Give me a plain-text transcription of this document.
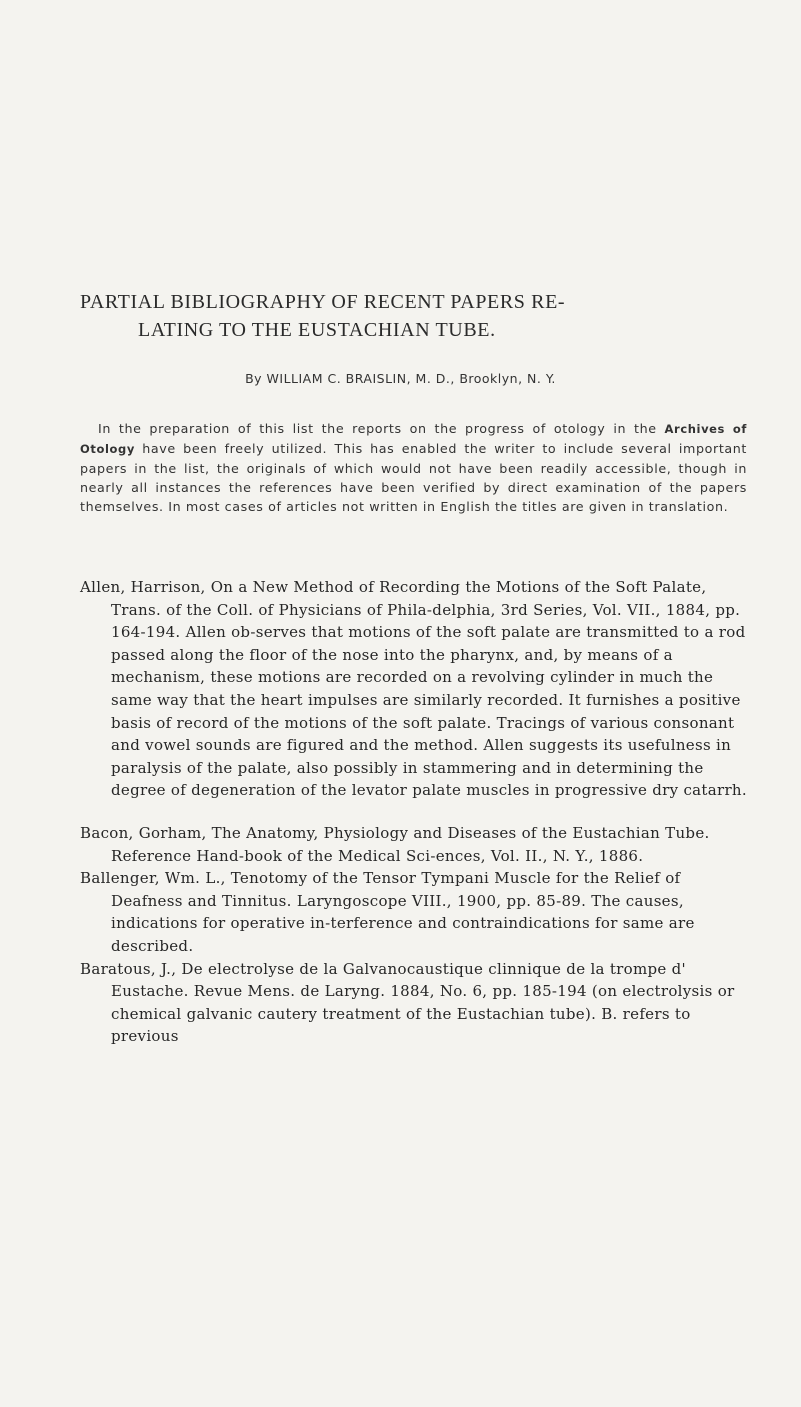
PARTIAL BIBLIOGRAPHY OF RECENT PAPERS RE-
LATING TO THE EUSTACHIAN TUBE.
By WILLIAM C. BRAISLIN, M. D., Brooklyn, N. Y.

In the preparation of this list the reports on the progress of otology in the Archives of Otology have been freely utilized. This has enabled the writer to include several important papers in the list, the originals of which would not have been readily accessible, though in nearly all instances the references have been verified by direct examination of the papers themselves. In most cases of articles not written in English the titles are given in translation.

Allen, Harrison, On a New Method of Recording the Motions of the Soft Palate, Trans. of the Coll. of Physicians of Phila-delphia, 3rd Series, Vol. VII., 1884, pp. 164-194. Allen ob-serves that motions of the soft palate are transmitted to a rod passed along the floor of the nose into the pharynx, and, by means of a mechanism, these motions are recorded on a revolving cylinder in much the same way that the heart impulses are similarly recorded. It furnishes a positive basis of record of the motions of the soft palate. Tracings of various consonant and vowel sounds are figured and the method. Allen suggests its usefulness in paralysis of the palate, also possibly in stammering and in determining the degree of degeneration of the levator palate muscles in progressive dry catarrh.
Bacon, Gorham, The Anatomy, Physiology and Diseases of the Eustachian Tube. Reference Hand-book of the Medical Sci-ences, Vol. II., N. Y., 1886.
Ballenger, Wm. L., Tenotomy of the Tensor Tympani Muscle for the Relief of Deafness and Tinnitus. Laryngoscope VIII., 1900, pp. 85-89. The causes, indications for operative in-terference and contraindications for same are described.
Baratous, J., De electrolyse de la Galvanocaustique clinnique de la trompe d' Eustache. Revue Mens. de Laryng. 1884, No. 6, pp. 185-194 (on electrolysis or chemical galvanic cautery treatment of the Eustachian tube). B. refers to previous
